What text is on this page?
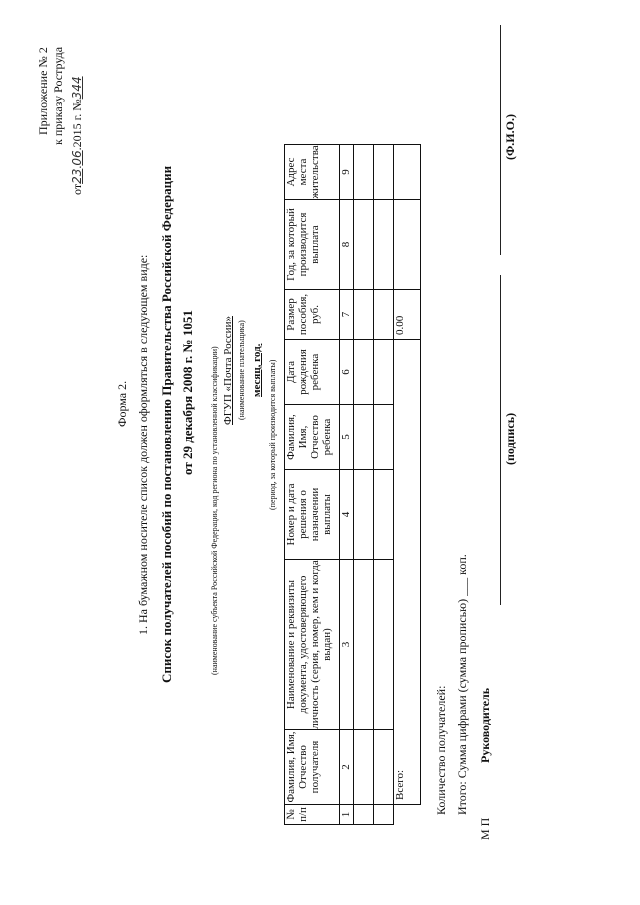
Приложение № 2 к приказу Роструда
от23.06.2015 г. №344
Форма 2. 1. На бумажном носителе список должен оформляться в следующем виде: Список получателей пособий по постановлению Правительства Российской Федерации от 29 декабря 2008 г. № 1051 (наименование субъекта Российской Федерации, код региона по установленной классификации) ФГУП «Почта России» (наименование плательщика) месяц, год. (период, за который производится выплаты)
№ п/п	Фамилия, Имя, Отчество получателя	Наименование и реквизиты документа, удостоверяющего личность (серия, номер, кем и когда выдан)	Номер и дата решения о назначении выплаты	Фамилия, Имя, Отчество ребенка	Дата рождения ребенка	Размер пособия, руб.	Год, за который производится выплата	Адрес места жительства
1	2	3	4	5	6	7	8	9

	Всего:					0.00		
Количество получателей: Итого: Сумма цифрами (сумма прописью) ___ коп.
М П
Руководитель
(подпись)
(Ф.И.О.)
